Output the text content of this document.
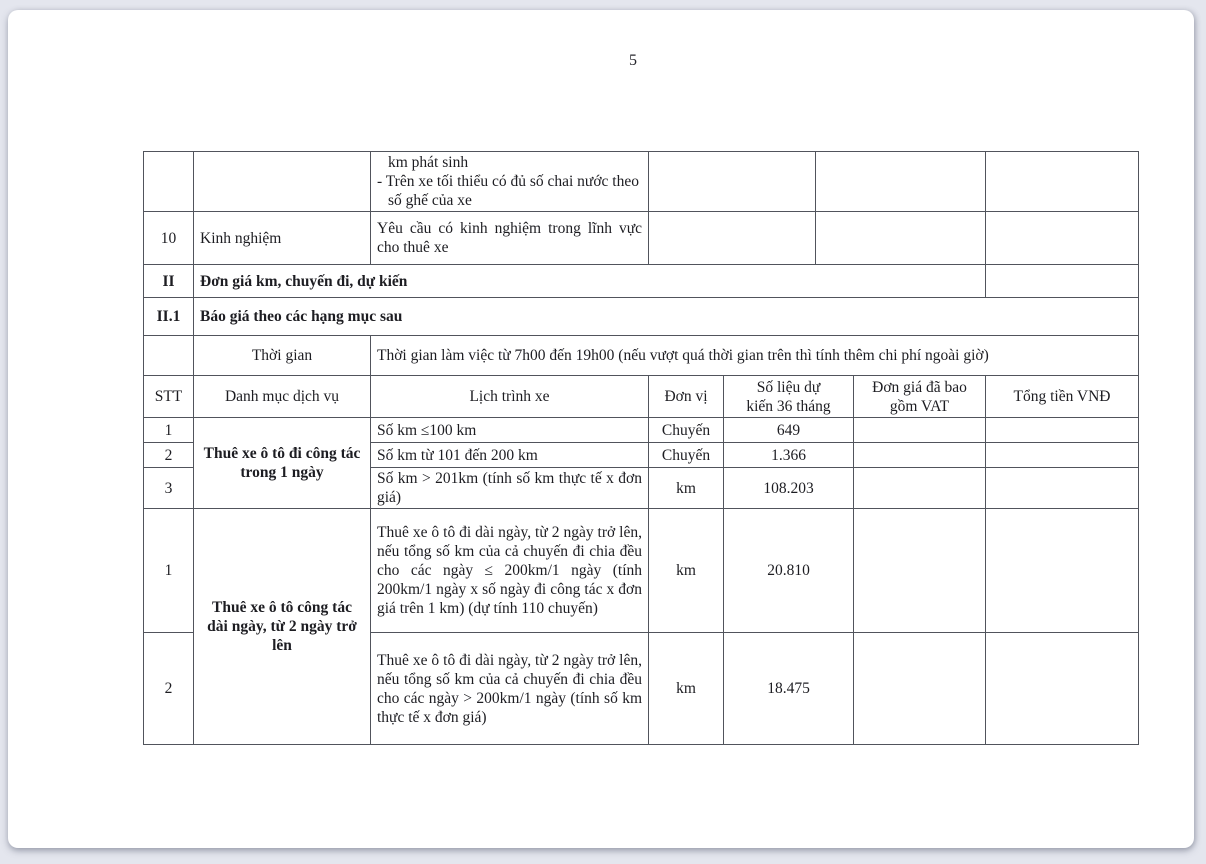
5

		km phát sinh
- Trên xe tối thiểu có đủ số chai nước theo
số ghế của xe			

10	Kinh nghiệm	Yêu cầu có kinh nghiệm trong lĩnh vực cho thuê xe			
II	Đơn giá km, chuyến đi, dự kiến				
II.1	Báo giá theo các hạng mục sau				
	Thời gian	Thời gian làm việc từ 7h00 đến 19h00 (nếu vượt quá thời gian trên thì tính thêm chi phí ngoài giờ)			
STT	Danh mục dịch vụ	Lịch trình xe	Đơn vị	Số liệu dự kiến 36 tháng	Đơn giá đã bao gồm VAT	Tổng tiền VNĐ
1	Thuê xe ô tô đi công tác trong 1 ngày	Số km ≤100 km	Chuyến	649		
2		Số km từ 101 đến 200 km	Chuyến	1.366		
3		Số km > 201km (tính số km thực tế x đơn giá)	km	108.203		
1	Thuê xe ô tô công tác dài ngày, từ 2 ngày trở lên	Thuê xe ô tô đi dài ngày, từ 2 ngày trở lên, nếu tổng số km của cả chuyến đi chia đều cho các ngày ≤ 200km/1 ngày (tính 200km/1 ngày x số ngày đi công tác x đơn giá trên 1 km) (dự tính 110 chuyến)	km	20.810		
2		Thuê xe ô tô đi dài ngày, từ 2 ngày trở lên, nếu tổng số km của cả chuyến đi chia đều cho các ngày > 200km/1 ngày (tính số km thực tế x đơn giá)	km	18.475		
